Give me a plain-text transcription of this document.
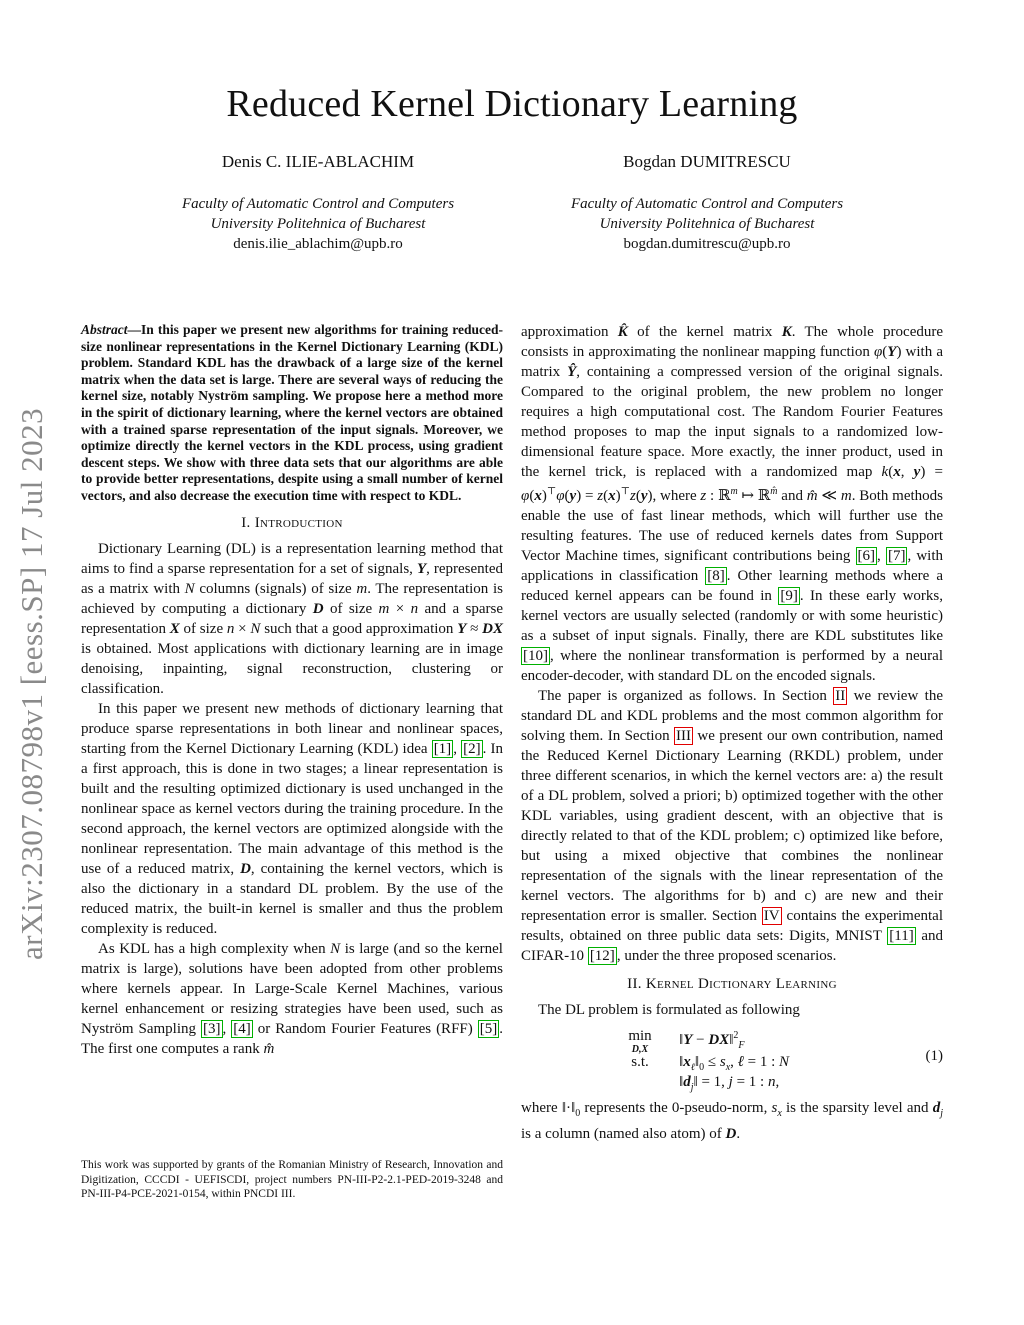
Reduced Kernel Dictionary Learning
Denis C. ILIE-ABLACHIM
Faculty of Automatic Control and Computers
University Politehnica of Bucharest
denis.ilie_ablachim@upb.ro
Bogdan DUMITRESCU
Faculty of Automatic Control and Computers
University Politehnica of Bucharest
bogdan.dumitrescu@upb.ro
arXiv:2307.08798v1 [eess.SP] 17 Jul 2023

Abstract—In this paper we present new algorithms for training reduced-size nonlinear representations in the Kernel Dictionary Learning (KDL) problem. Standard KDL has the drawback of a large size of the kernel matrix when the data set is large. There are several ways of reducing the kernel size, notably Nyström sampling. We propose here a method more in the spirit of dictionary learning, where the kernel vectors are obtained with a trained sparse representation of the input signals. Moreover, we optimize directly the kernel vectors in the KDL process, using gradient descent steps. We show with three data sets that our algorithms are able to provide better representations, despite using a small number of kernel vectors, and also decrease the execution time with respect to KDL.

I. Introduction

Dictionary Learning (DL) is a representation learning method that aims to find a sparse representation for a set of signals, Y, represented as a matrix with N columns (signals) of size m. The representation is achieved by computing a dictionary D of size m × n and a sparse representation X of size n × N such that a good approximation Y ≈ DX is obtained. Most applications with dictionary learning are in image denoising, inpainting, signal reconstruction, clustering or classification.

In this paper we present new methods of dictionary learning that produce sparse representations in both linear and nonlinear spaces, starting from the Kernel Dictionary Learning (KDL) idea [1] , [2] . In a first approach, this is done in two stages; a linear representation is built and the resulting optimized dictionary is used unchanged in the nonlinear space as kernel vectors during the training procedure. In the second approach, the kernel vectors are optimized alongside with the nonlinear representation. The main advantage of this method is the use of a reduced matrix, D, containing the kernel vectors, which is also the dictionary in a standard DL problem. By the use of the reduced matrix, the built-in kernel is smaller and thus the problem complexity is reduced.

As KDL has a high complexity when N is large (and so the kernel matrix is large), solutions have been adopted from other problems where kernels appear. In Large-Scale Kernel Machines, various kernel enhancement or resizing strategies have been used, such as Nyström Sampling [3] , [4] or Random Fourier Features (RFF) [5] . The first one computes a rank m̂

This work was supported by grants of the Romanian Ministry of Research, Innovation and Digitization, CCCDI - UEFISCDI, project numbers PN-III-P2-2.1-PED-2019-3248 and PN-III-P4-PCE-2021-0154, within PNCDI III.

approximation K̂ of the kernel matrix K. The whole procedure consists in approximating the nonlinear mapping function φ(Y) with a matrix Ŷ, containing a compressed version of the original signals. Compared to the original problem, the new problem no longer requires a high computational cost. The Random Fourier Features method proposes to map the input signals to a randomized low-dimensional feature space. More exactly, the inner product, used in the kernel trick, is replaced with a randomized map k(x, y) = φ(x)⊤φ(y) = z(x)⊤z(y), where z : ℝ$^m$ ↦ ℝ$^{m̂}$ and m̂ ≪ m. Both methods enable the use of fast linear methods, which will further use the resulting features. The use of reduced kernels dates from Support Vector Machine times, significant contributions being [6] , [7] , with applications in classification [8] . Other learning methods where a reduced kernel appears can be found in [9] . In these early works, kernel vectors are usually selected (randomly or with some heuristic) as a subset of input signals. Finally, there are KDL substitutes like [10] , where the nonlinear transformation is performed by a neural encoder-decoder, with standard DL on the encoded signals.

The paper is organized as follows. In Section II we review the standard DL and KDL problems and the most common algorithm for solving them. In Section III we present our own contribution, named the Reduced Kernel Dictionary Learning (RKDL) problem, under three different scenarios, in which the kernel vectors are: a) the result of a DL problem, solved a priori; b) optimized together with the other KDL variables, using gradient descent, with an objective that is directly related to that of the KDL problem; c) optimized like before, but using a mixed objective that combines the nonlinear representation of the signals with the linear representation of the kernel vectors. The algorithms for b) and c) are new and their representation error is smaller. Section IV contains the experimental results, obtained on three public data sets: Digits, MNIST [11] and CIFAR-10 [12] , under the three proposed scenarios.

II. Kernel Dictionary Learning

The DL problem is formulated as following

min
D,X
‖Y − DX‖$^2_F$
s.t.	$‖x_\ell‖_0 \le s_x$, ℓ = 1 : N
$‖d_j‖ = 1$, j = 1 : n,
(1)

where $‖\cdot‖_0$ represents the 0-pseudo-norm, $s_x$ is the sparsity level and $d_j$ is a column (named also atom) of D.
